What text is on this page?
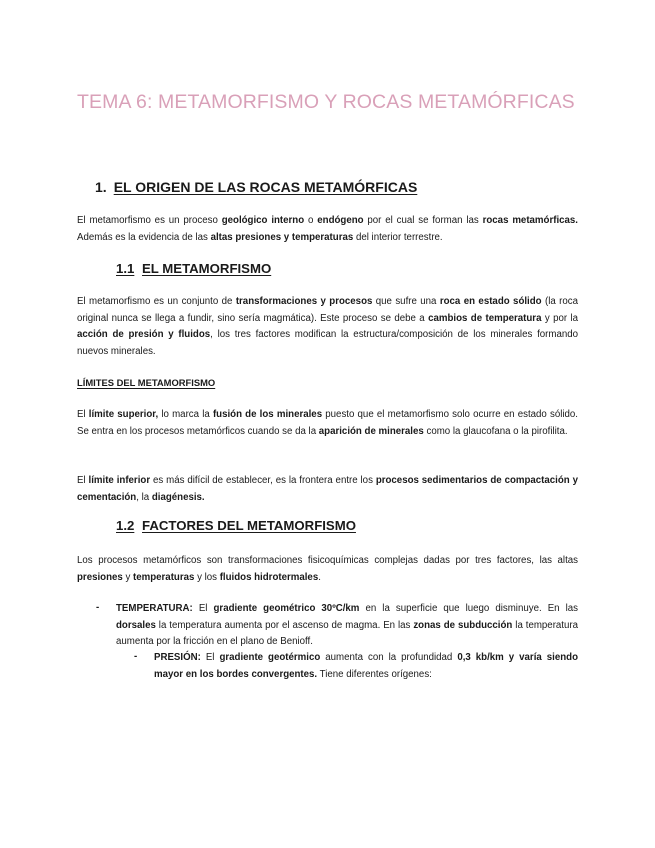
TEMA 6: METAMORFISMO Y ROCAS METAMÓRFICAS
1. EL ORIGEN DE LAS ROCAS METAMÓRFICAS
El metamorfismo es un proceso geológico interno o endógeno por el cual se forman las rocas metamórficas. Además es la evidencia de las altas presiones y temperaturas del interior terrestre.
1.1 EL METAMORFISMO
El metamorfismo es un conjunto de transformaciones y procesos que sufre una roca en estado sólido (la roca original nunca se llega a fundir, sino sería magmática). Este proceso se debe a cambios de temperatura y por la acción de presión y fluidos, los tres factores modifican la estructura/composición de los minerales formando nuevos minerales.
LÍMITES DEL METAMORFISMO
El límite superior, lo marca la fusión de los minerales puesto que el metamorfismo solo ocurre en estado sólido. Se entra en los procesos metamórficos cuando se da la aparición de minerales como la glaucofana o la pirofilita.
El límite inferior es más difícil de establecer, es la frontera entre los procesos sedimentarios de compactación y cementación, la diagénesis.
1.2 FACTORES DEL METAMORFISMO
Los procesos metamórficos son transformaciones fisicoquímicas complejas dadas por tres factores, las altas presiones y temperaturas y los fluidos hidrotermales.
- TEMPERATURA: El gradiente geométrico 30ºC/km en la superficie que luego disminuye. En las dorsales la temperatura aumenta por el ascenso de magma. En las zonas de subducción la temperatura aumenta por la fricción en el plano de Benioff.
- PRESIÓN: El gradiente geotérmico aumenta con la profundidad 0,3 kb/km y varía siendo mayor en los bordes convergentes. Tiene diferentes orígenes:
